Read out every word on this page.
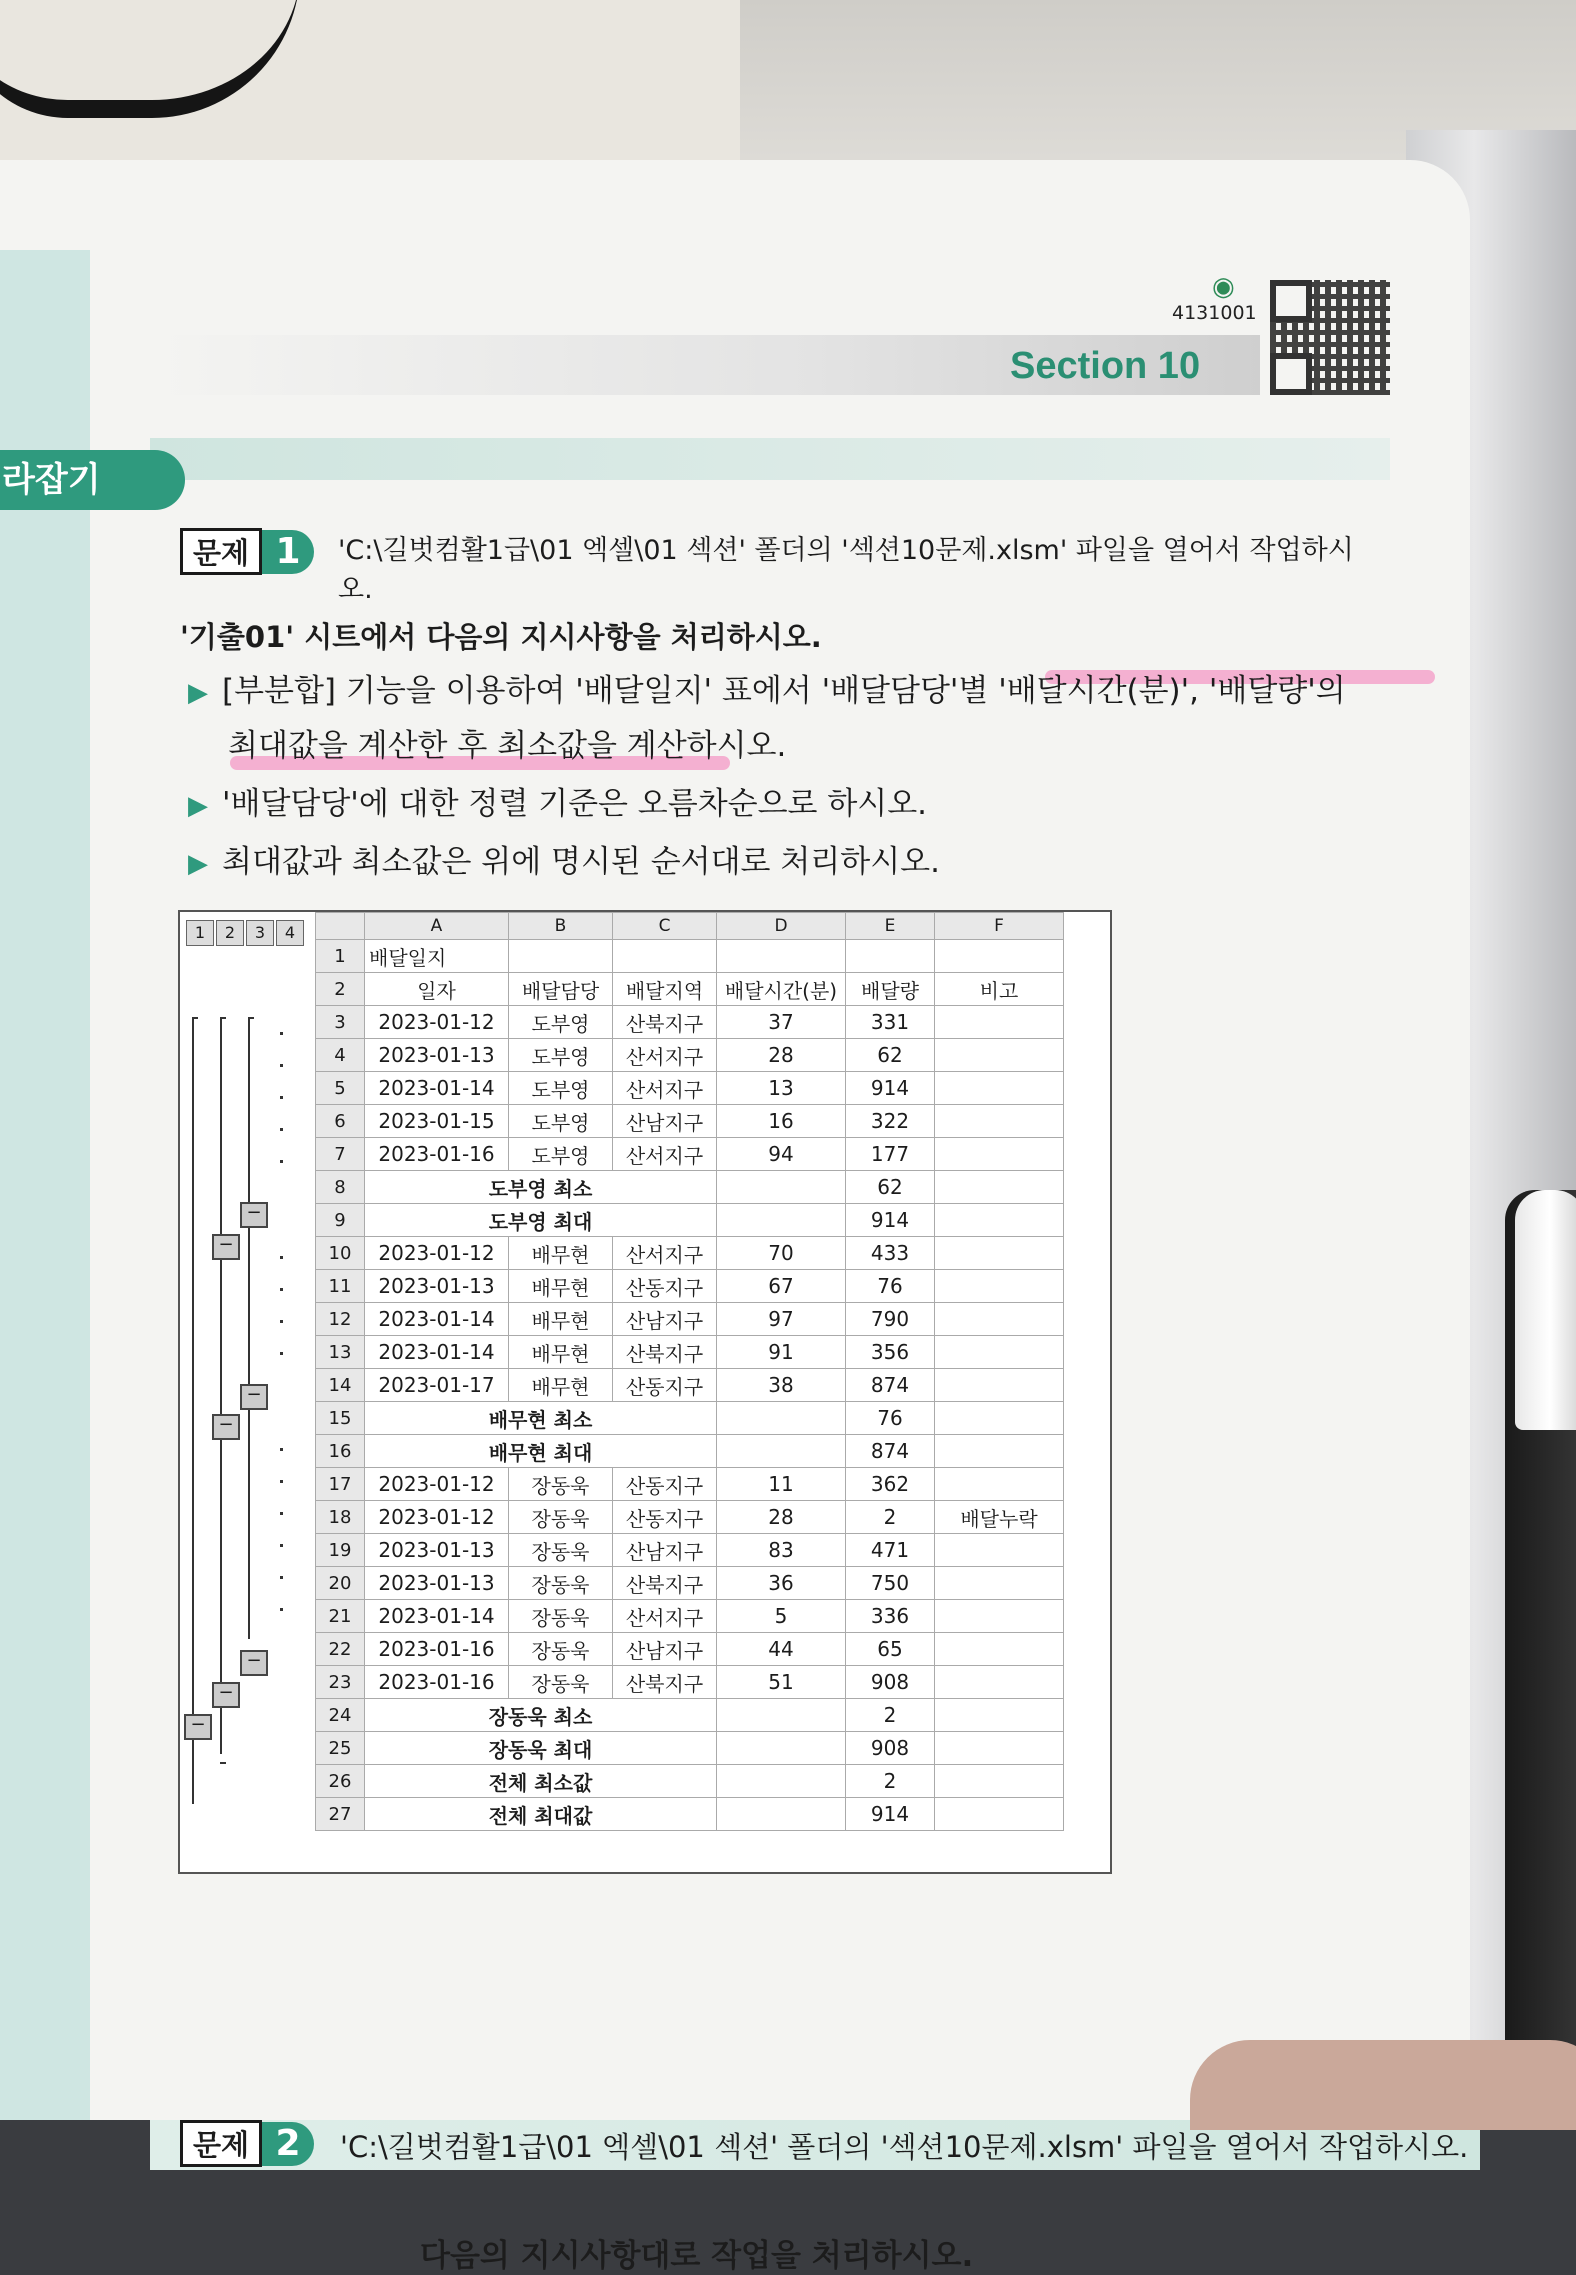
◉
4131001
Section 10
라잡기
문제 1	'C:\길벗컴활1급\01 엑셀\01 섹션' 폴더의 '섹션10문제.xlsm' 파일을 열어서 작업하시오.
'기출01' 시트에서 다음의 지시사항을 처리하시오.
▶ [부분합] 기능을 이용하여 '배달일지' 표에서 '배달담당'별 '배달시간(분)', '배달량'의
최대값을 계산한 후 최소값을 계산하시오.
▶ '배달담당'에 대한 정렬 기준은 오름차순으로 하시오.
▶ 최대값과 최소값은 위에 명시된 순서대로 처리하시오.
1	2	3	4
−
−
−
−
−
−
−
	A	B	C	D	E	F
1	배달일지					
2	일자	배달담당	배달지역	배달시간(분)	배달량	비고
3	2023-01-12	도부영	산북지구	37	331	
4	2023-01-13	도부영	산서지구	28	62	
5	2023-01-14	도부영	산서지구	13	914	
6	2023-01-15	도부영	산남지구	16	322	
7	2023-01-16	도부영	산서지구	94	177	
8	도부영 최소				62	
9	도부영 최대				914	
10	2023-01-12	배무현	산서지구	70	433	
11	2023-01-13	배무현	산동지구	67	76	
12	2023-01-14	배무현	산남지구	97	790	
13	2023-01-14	배무현	산북지구	91	356	
14	2023-01-17	배무현	산동지구	38	874	
15	배무현 최소				76	
16	배무현 최대				874	
17	2023-01-12	장동욱	산동지구	11	362	
18	2023-01-12	장동욱	산동지구	28	2	배달누락
19	2023-01-13	장동욱	산남지구	83	471	
20	2023-01-13	장동욱	산북지구	36	750	
21	2023-01-14	장동욱	산서지구	5	336	
22	2023-01-16	장동욱	산남지구	44	65	
23	2023-01-16	장동욱	산북지구	51	908	
24	장동욱 최소				2	
25	장동욱 최대				908	
26	전체 최소값				2	
27	전체 최대값				914	
문제 2	'C:\길벗컴활1급\01 엑셀\01 섹션' 폴더의 '섹션10문제.xlsm' 파일을 열어서 작업하시오.
다음의 지시사항대로 작업을 처리하시오.
